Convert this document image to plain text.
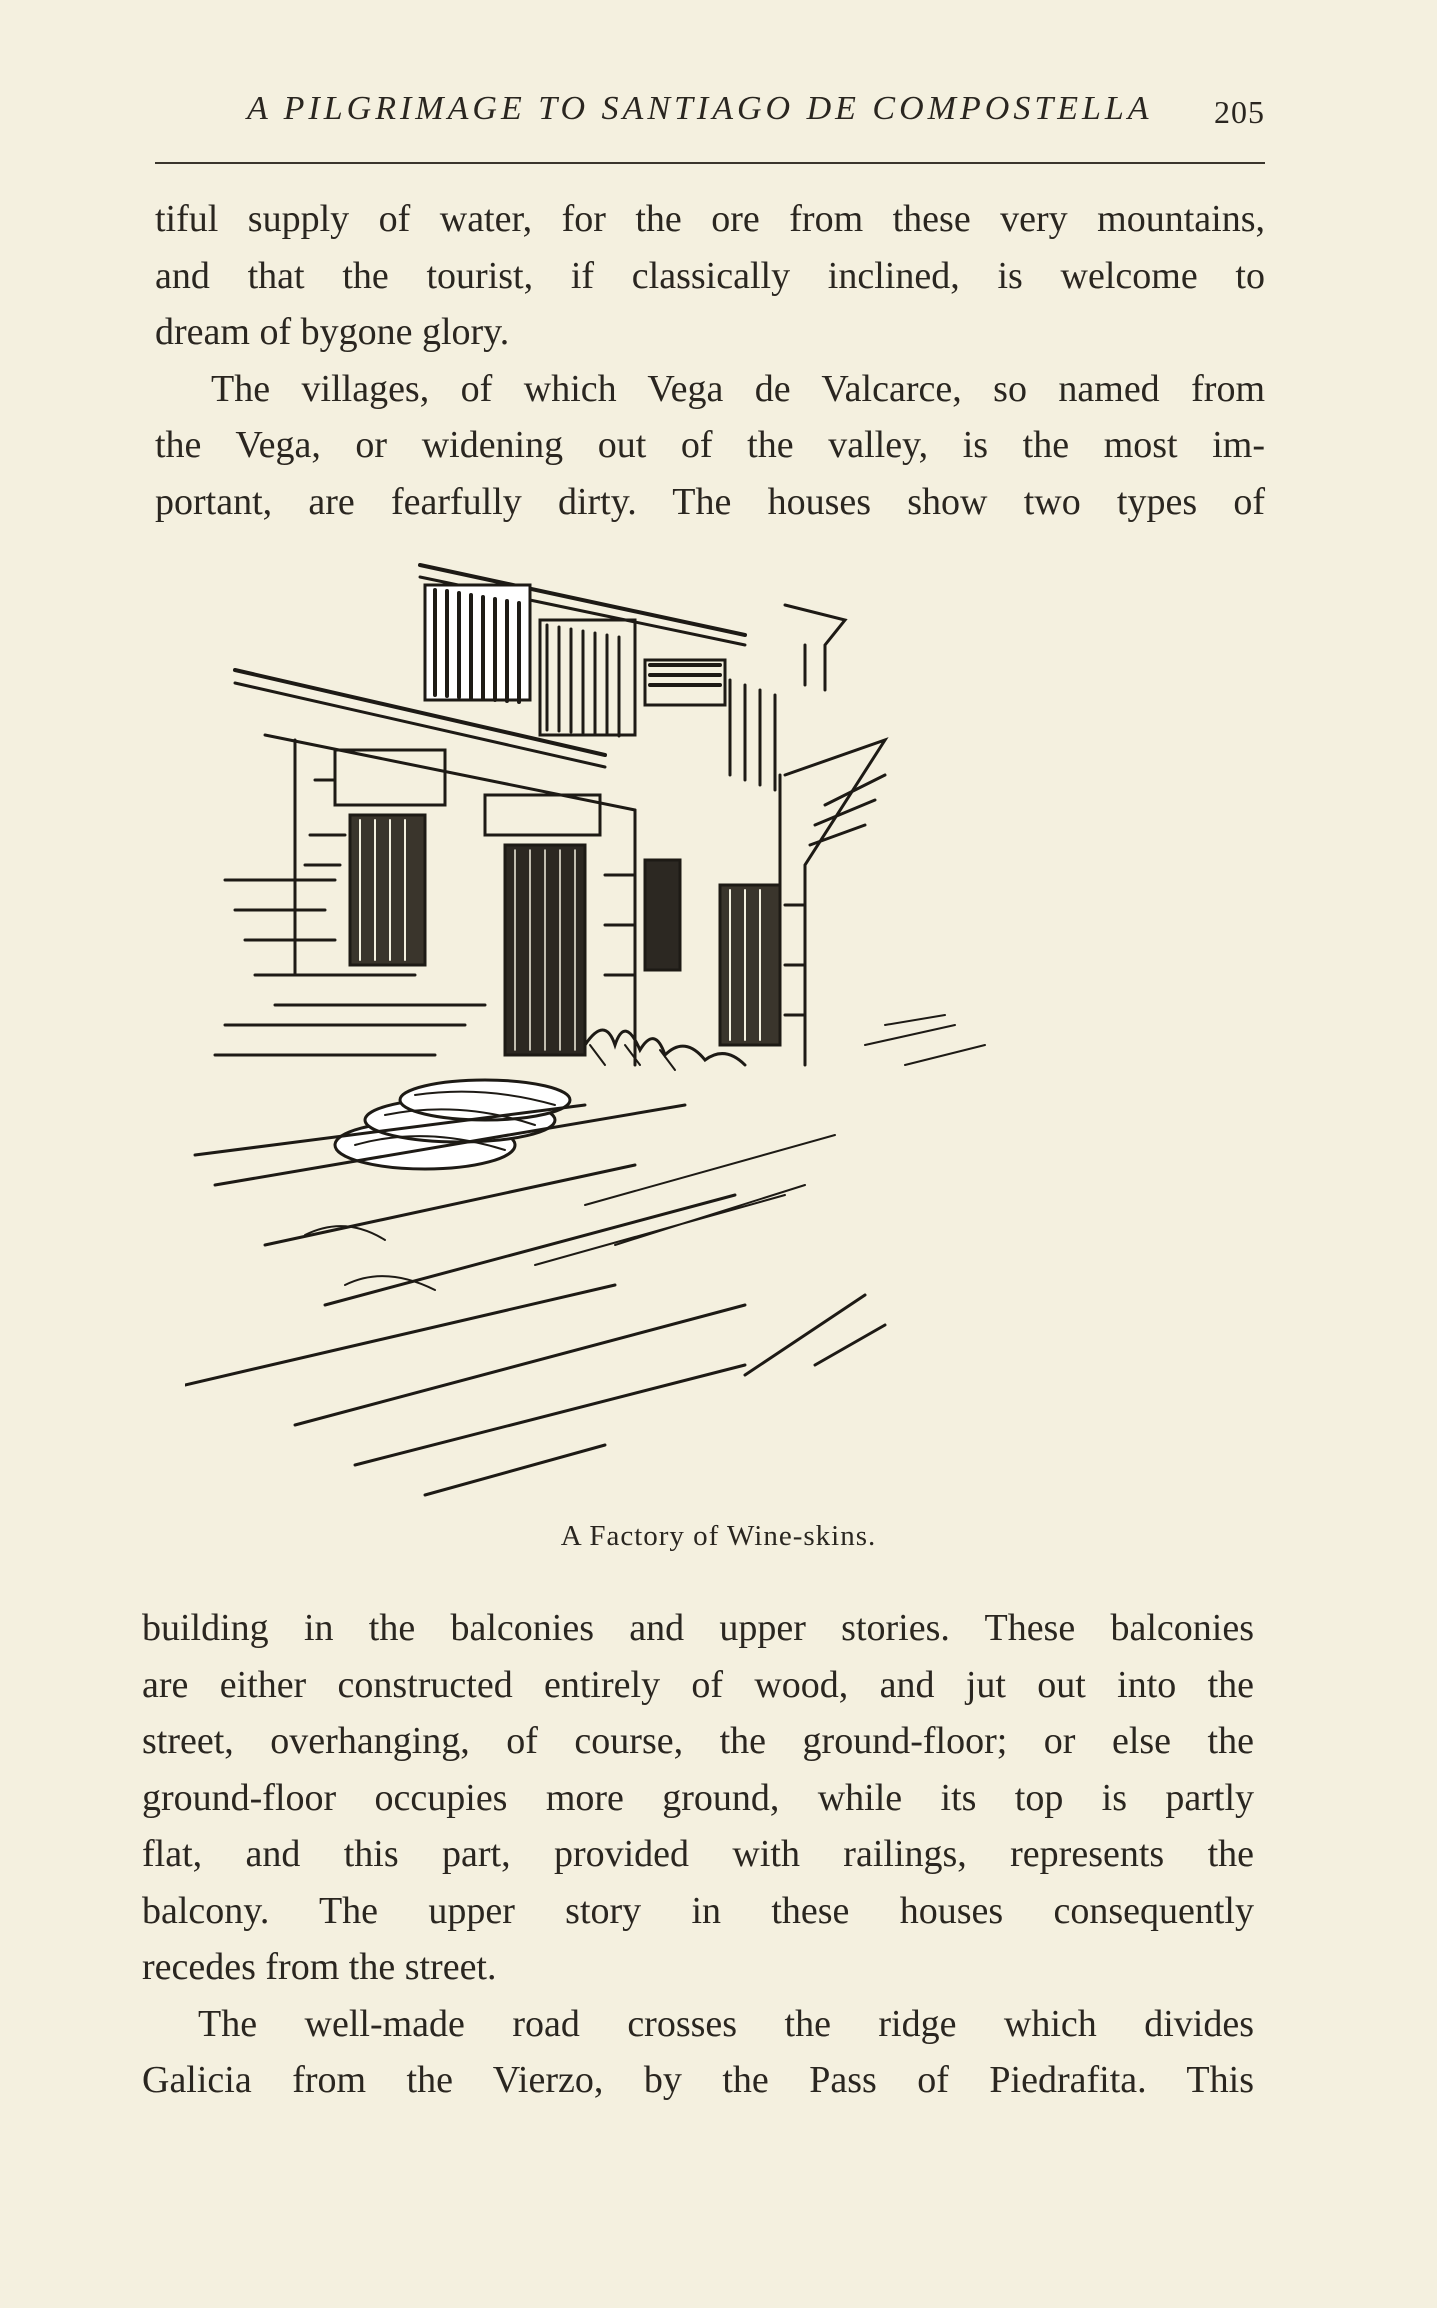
A PILGRIMAGE TO SANTIAGO DE COMPOSTELLA 205
tiful supply of water, for the ore from these very mountains,
and that the tourist, if classically inclined, is welcome to
dream of bygone glory.
The villages, of which Vega de Valcarce, so named from
the Vega, or widening out of the valley, is the most im-
portant, are fearfully dirty. The houses show two types of
A Factory of Wine-skins.
building in the balconies and upper stories. These balconies
are either constructed entirely of wood, and jut out into the
street, overhanging, of course, the ground-floor; or else the
ground-floor occupies more ground, while its top is partly
flat, and this part, provided with railings, represents the
balcony. The upper story in these houses consequently
recedes from the street.
The well-made road crosses the ridge which divides
Galicia from the Vierzo, by the Pass of Piedrafita. This
